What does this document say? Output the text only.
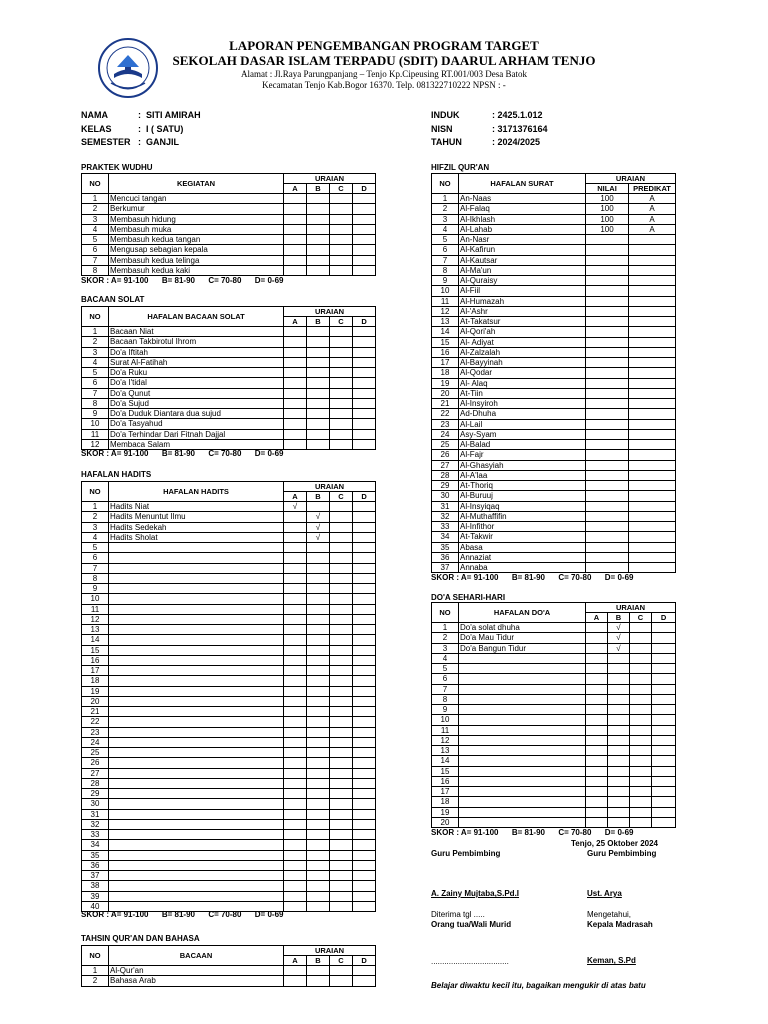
LAPORAN PENGEMBANGAN PROGRAM TARGET
SEKOLAH DASAR ISLAM TERPADU (SDIT) DAARUL ARHAM TENJO
Alamat : Jl.Raya Parungpanjang – Tenjo Kp.Cipeusing RT.001/003 Desa Batok
Kecamatan Tenjo Kab.Bogor 16370. Telp. 081322710222 NPSN : -
NAMA	: SITI AMIRAH
KELAS	: I ( SATU)
SEMESTER : GANJIL
INDUK	: 2425.1.012
NISN	: 3171376164
TAHUN	: 2024/2025
PRAKTEK WUDHU
BACAAN SOLAT
HAFALAN HADITS
TAHSIN QUR'AN DAN BAHASA
HIFZIL QUR'AN
DO'A SEHARI-HARI
NO	KEGIATAN	URAIAN			
		A	B	C	D
1	Mencuci tangan				
2	Berkumur				
3	Membasuh hidung				
4	Membasuh muka				
5	Membasuh kedua tangan				
6	Mengusap sebagian kepala				
7	Membasuh kedua telinga				
8	Membasuh kedua kaki				
NO	HAFALAN BACAAN SOLAT	URAIAN			
		A	B	C	D
1	Bacaan Niat				
2	Bacaan Takbirotul Ihrom				
3	Do'a Iftitah				
4	Surat Al-Fatihah				
5	Do'a Ruku				
6	Do'a I'tidal				
7	Do'a Qunut				
8	Do'a Sujud				
9	Do'a Duduk Diantara dua sujud				
10	Do'a Tasyahud				
11	Do'a Terhindar Dari Fitnah Dajjal				
12	Membaca Salam				
NO	HAFALAN HADITS	URAIAN			
		A	B	C	D
1	Hadits Niat	√			
2	Hadits Menuntut Ilmu		√		
3	Hadits Sedekah		√		
4	Hadits Sholat		√		
5					
6					
7					
8					
9					
10					
11					
12					
13					
14					
15					
16					
17					
18					
19					
20					
21					
22					
23					
24					
25					
26					
27					
28					
29					
30					
31					
32					
33					
34					
35					
36					
37					
38					
39					
40					
NO	BACAAN	URAIAN			
		A	B	C	D
1	Al-Qur'an				
2	Bahasa Arab				
NO	HAFALAN SURAT	URAIAN	
		NILAI	PREDIKAT
1	An-Naas	100	A
2	Al-Falaq	100	A
3	Al-Ikhlash	100	A
4	Al-Lahab	100	A
5	An-Nasr		
6	Al-Kafirun		
7	Al-Kautsar		
8	Al-Ma'un		
9	Al-Quraisy		
10	Al-Fiil		
11	Al-Humazah		
12	Al-'Ashr		
13	At-Takatsur		
14	Al-Qori'ah		
15	Al- Adiyat		
16	Al-Zalzalah		
17	Al-Bayyinah		
18	Al-Qodar		
19	Al- Alaq		
20	At-Tiin		
21	Al-Insyiroh		
22	Ad-Dhuha		
23	Al-Lail		
24	Asy-Syam		
25	Al-Balad		
26	Al-Fajr		
27	Al-Ghasyiah		
28	Al-A'laa		
29	At-Thoriq		
30	Al-Buruuj		
31	Al-Insyiqaq		
32	Al-Muthaffifin		
33	Al-Infithor		
34	At-Takwir		
35	Abasa		
36	Annaziat		
37	Annaba		
NO	HAFALAN DO'A	URAIAN			
		A	B	C	D
1	Do'a solat dhuha		√		
2	Do'a Mau Tidur		√		
3	Do'a Bangun Tidur		√		
4					
5					
6					
7					
8					
9					
10					
11					
12					
13					
14					
15					
16					
17					
18					
19					
20					
SKOR : A= 91-100      B= 81-90      C= 70-80      D= 0-69
SKOR : A= 91-100      B= 81-90      C= 70-80      D= 0-69
SKOR : A= 91-100      B= 81-90      C= 70-80      D= 0-69
SKOR : A= 91-100      B= 81-90      C= 70-80      D= 0-69
SKOR : A= 91-100      B= 81-90      C= 70-80      D= 0-69
Tenjo, 25 Oktober 2024
Guru Pembimbing	Guru Pembimbing
A. Zainy Mujtaba,S.Pd.I	Ust. Arya
Diterima tgl .....	Mengetahui,
Orang tua/Wali Murid	Kepala Madrasah
...................................	Keman, S.Pd
Belajar diwaktu kecil itu, bagaikan mengukir di atas batu
